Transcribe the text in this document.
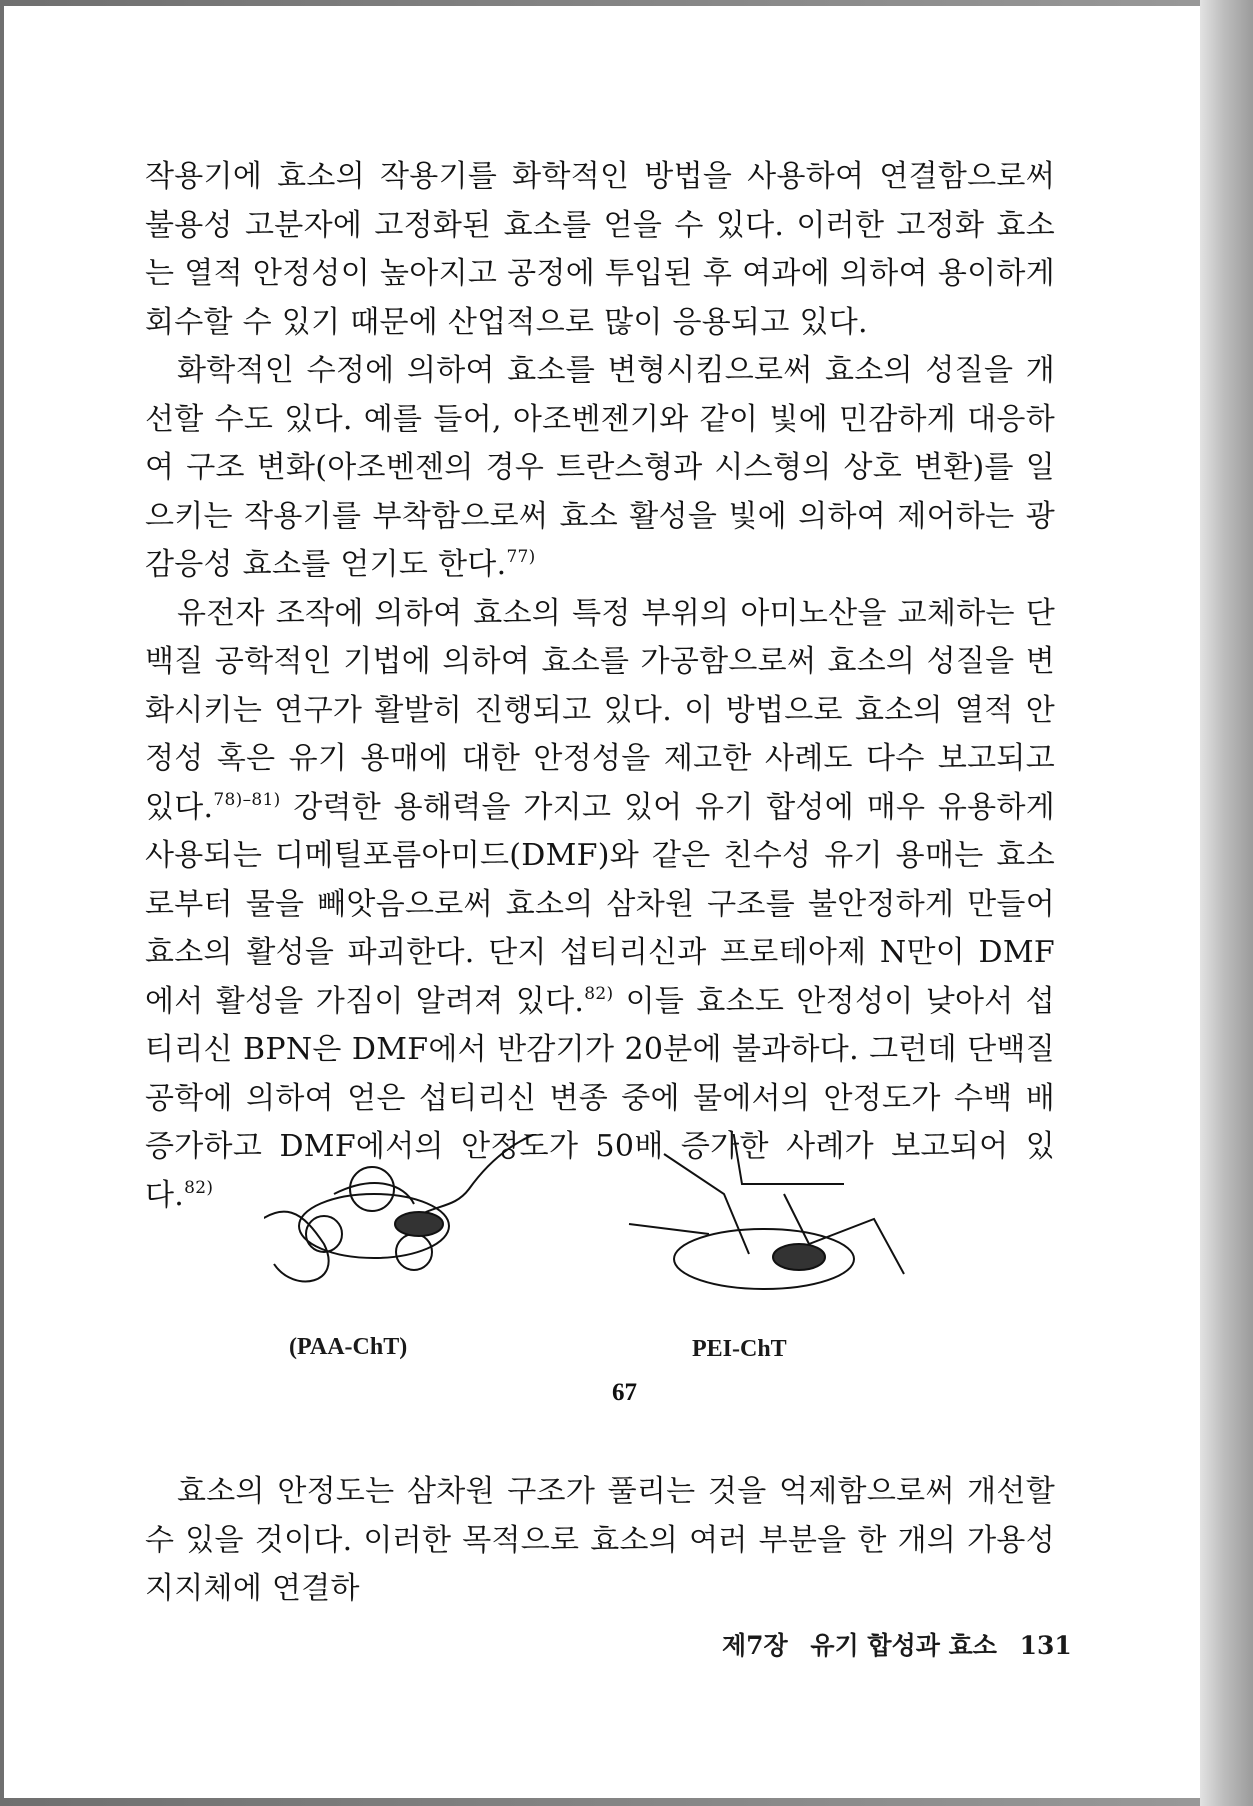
작용기에 효소의 작용기를 화학적인 방법을 사용하여 연결함으로써 불용성 고분자에 고정화된 효소를 얻을 수 있다. 이러한 고정화 효소는 열적 안정성이 높아지고 공정에 투입된 후 여과에 의하여 용이하게 회수할 수 있기 때문에 산업적으로 많이 응용되고 있다.

화학적인 수정에 의하여 효소를 변형시킴으로써 효소의 성질을 개선할 수도 있다. 예를 들어, 아조벤젠기와 같이 빛에 민감하게 대응하여 구조 변화(아조벤젠의 경우 트란스형과 시스형의 상호 변환)를 일으키는 작용기를 부착함으로써 효소 활성을 빛에 의하여 제어하는 광감응성 효소를 얻기도 한다.$^{77)}$

유전자 조작에 의하여 효소의 특정 부위의 아미노산을 교체하는 단백질 공학적인 기법에 의하여 효소를 가공함으로써 효소의 성질을 변화시키는 연구가 활발히 진행되고 있다. 이 방법으로 효소의 열적 안정성 혹은 유기 용매에 대한 안정성을 제고한 사례도 다수 보고되고 있다.$^{78)-81)}$ 강력한 용해력을 가지고 있어 유기 합성에 매우 유용하게 사용되는 디메틸포름아미드(DMF)와 같은 친수성 유기 용매는 효소로부터 물을 빼앗음으로써 효소의 삼차원 구조를 불안정하게 만들어 효소의 활성을 파괴한다. 단지 섭티리신과 프로테아제 N만이 DMF에서 활성을 가짐이 알려져 있다.$^{82)}$ 이들 효소도 안정성이 낮아서 섭티리신 BPN은 DMF에서 반감기가 20분에 불과하다. 그런데 단백질 공학에 의하여 얻은 섭티리신 변종 중에 물에서의 안정도가 수백 배 증가하고 DMF에서의 안정도가 50배 증가한 사례가 보고되어 있다.$^{82)}$

(PAA-ChT)	PEI-ChT
67

효소의 안정도는 삼차원 구조가 풀리는 것을 억제함으로써 개선할 수 있을 것이다. 이러한 목적으로 효소의 여러 부분을 한 개의 가용성 지지체에 연결하

제7장 유기 합성과 효소 131
